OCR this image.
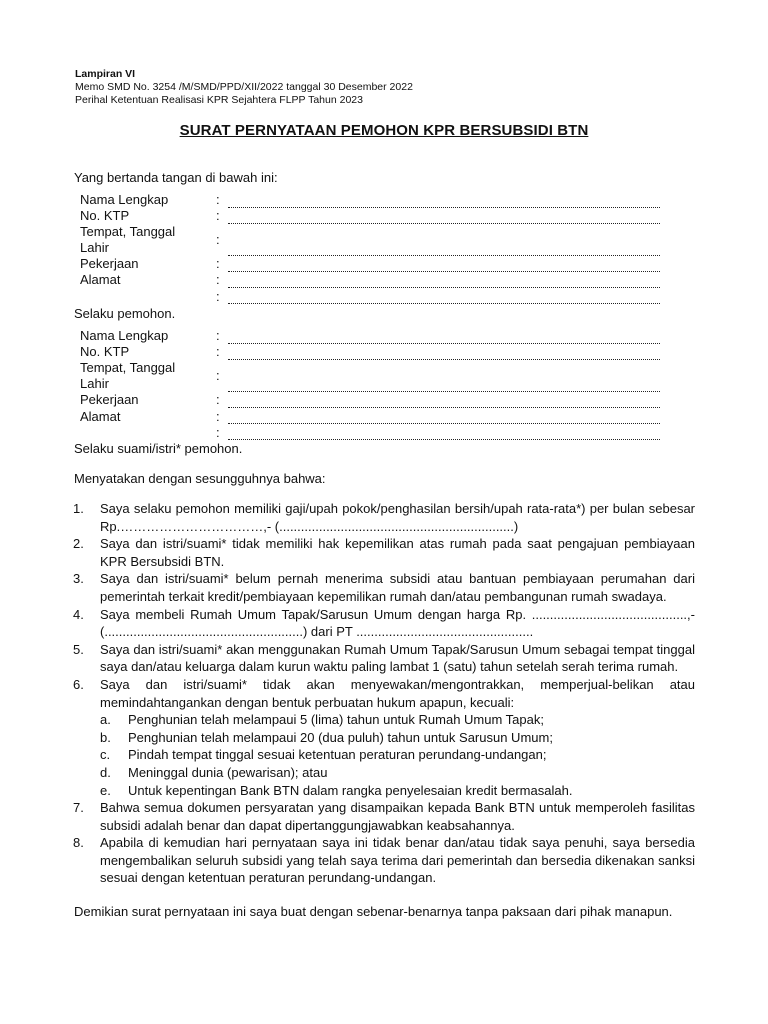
Lampiran VI
Memo SMD No. 3254 /M/SMD/PPD/XII/2022 tanggal 30 Desember 2022
Perihal Ketentuan Realisasi KPR Sejahtera FLPP Tahun 2023
SURAT PERNYATAAN PEMOHON KPR BERSUBSIDI BTN
Yang bertanda tangan di bawah ini:
Nama Lengkap	:
No. KTP	:
Tempat, Tanggal
Lahir
:
Pekerjaan	:
Alamat	:
:
Selaku pemohon.
Nama Lengkap	:
No. KTP	:
Tempat, Tanggal
Lahir
:
Pekerjaan	:
Alamat	:
:
Selaku suami/istri* pemohon.
Menyatakan dengan sesungguhnya bahwa:
1. Saya selaku pemohon memiliki gaji/upah pokok/penghasilan bersih/upah rata-rata*) per bulan sebesar Rp.……………………………,- (.................................................................)
2. Saya dan istri/suami* tidak memiliki hak kepemilikan atas rumah pada saat pengajuan pembiayaan KPR Bersubsidi BTN.
3. Saya dan istri/suami* belum pernah menerima subsidi atau bantuan pembiayaan perumahan dari pemerintah terkait kredit/pembiayaan kepemilikan rumah dan/atau pembangunan rumah swadaya.
4. Saya membeli Rumah Umum Tapak/Sarusun Umum dengan harga Rp. ...........................................,- (.......................................................) dari PT .................................................
5. Saya dan istri/suami* akan menggunakan Rumah Umum Tapak/Sarusun Umum sebagai tempat tinggal saya dan/atau keluarga dalam kurun waktu paling lambat 1 (satu) tahun setelah serah terima rumah.
6. Saya dan istri/suami* tidak akan menyewakan/mengontrakkan, memperjual-belikan atau memindahtangankan dengan bentuk perbuatan hukum apapun, kecuali:
a. Penghunian telah melampaui 5 (lima) tahun untuk Rumah Umum Tapak;
b. Penghunian telah melampaui 20 (dua puluh) tahun untuk Sarusun Umum;
c. Pindah tempat tinggal sesuai ketentuan peraturan perundang-undangan;
d. Meninggal dunia (pewarisan); atau
e. Untuk kepentingan Bank BTN dalam rangka penyelesaian kredit bermasalah.
7. Bahwa semua dokumen persyaratan yang disampaikan kepada Bank BTN untuk memperoleh fasilitas subsidi adalah benar dan dapat dipertanggungjawabkan keabsahannya.
8. Apabila di kemudian hari pernyataan saya ini tidak benar dan/atau tidak saya penuhi, saya bersedia mengembalikan seluruh subsidi yang telah saya terima dari pemerintah dan bersedia dikenakan sanksi sesuai dengan ketentuan peraturan perundang-undangan.
Demikian surat pernyataan ini saya buat dengan sebenar-benarnya tanpa paksaan dari pihak manapun.
